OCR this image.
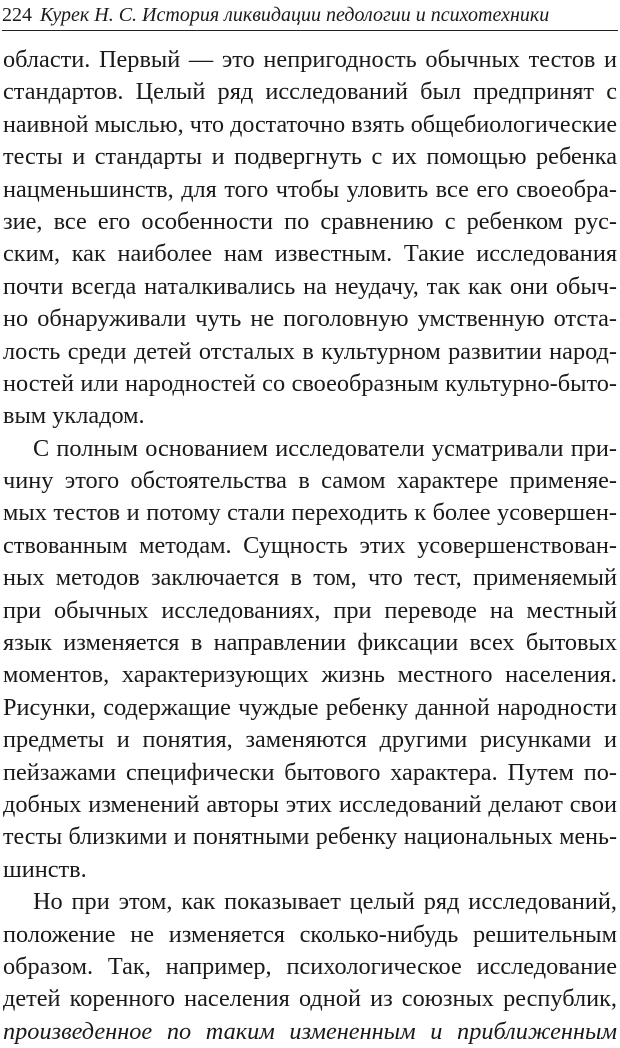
224 Курек Н. С. История ликвидации педологии и психотехники
области. Первый — это непригодность обычных тестов и
стандартов. Целый ряд исследований был предпринят с
наивной мыслью, что достаточно взять общебиологические
тесты и стандарты и подвергнуть с их помощью ребенка
нацменьшинств, для того чтобы уловить все его своеобра-
зие, все его особенности по сравнению с ребенком рус-
ским, как наиболее нам известным. Такие исследования
почти всегда наталкивались на неудачу, так как они обыч-
но обнаруживали чуть не поголовную умственную отста-
лость среди детей отсталых в культурном развитии народ-
ностей или народностей со своеобразным культурно-быто-
вым укладом.
С полным основанием исследователи усматривали при-
чину этого обстоятельства в самом характере применяе-
мых тестов и потому стали переходить к более усовершен-
ствованным методам. Сущность этих усовершенствован-
ных методов заключается в том, что тест, применяемый
при обычных исследованиях, при переводе на местный
язык изменяется в направлении фиксации всех бытовых
моментов, характеризующих жизнь местного населения.
Рисунки, содержащие чуждые ребенку данной народности
предметы и понятия, заменяются другими рисунками и
пейзажами специфически бытового характера. Путем по-
добных изменений авторы этих исследований делают свои
тесты близкими и понятными ребенку национальных мень-
шинств.
Но при этом, как показывает целый ряд исследований,
положение не изменяется сколько-нибудь решительным
образом. Так, например, психологическое исследование
детей коренного населения одной из союзных республик,
произведенное по таким измененным и приближенным
